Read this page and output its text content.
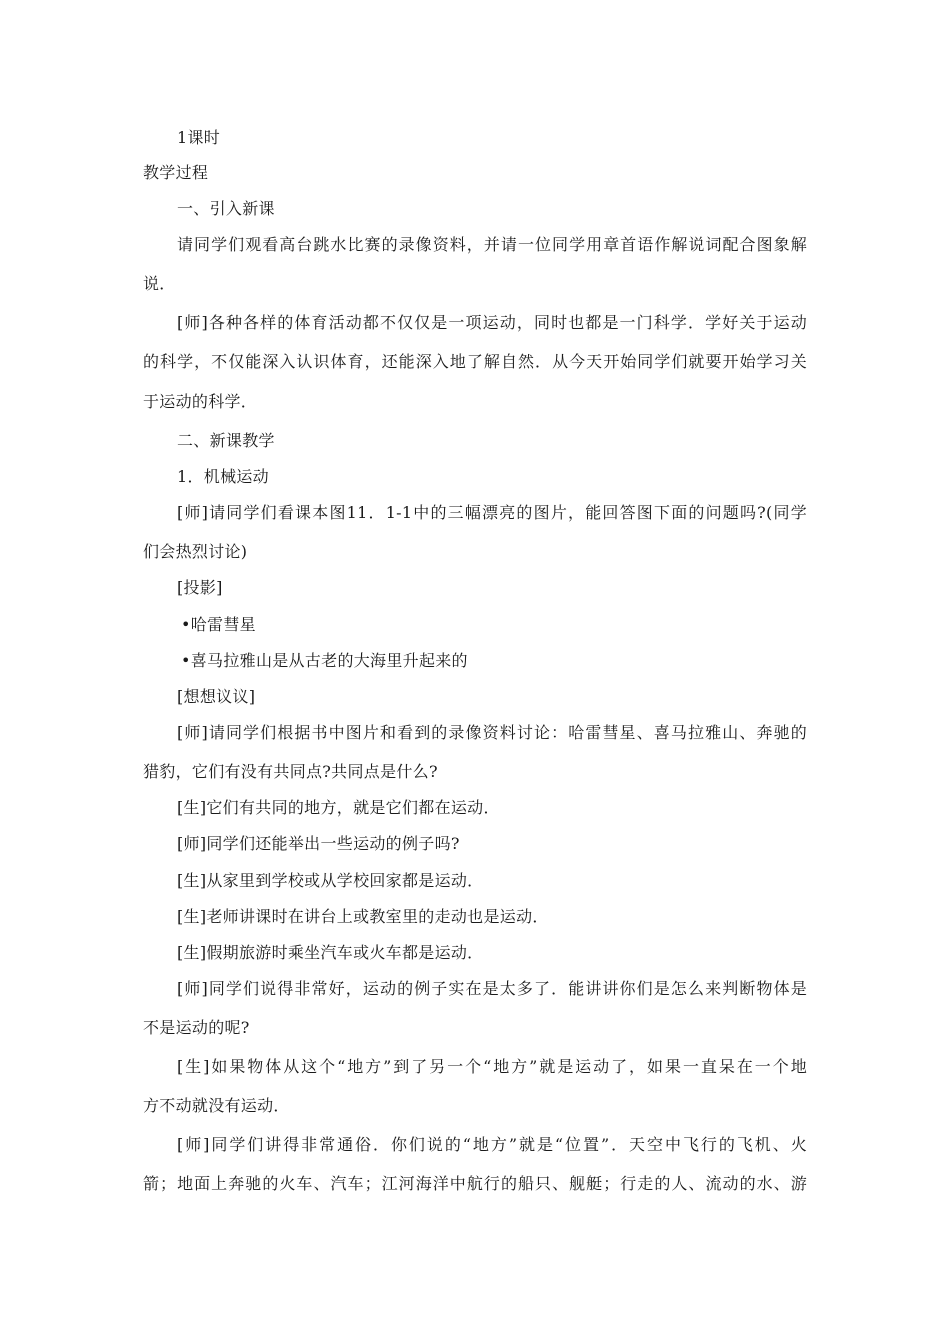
1课时
教学过程
一、引入新课
请同学们观看高台跳水比赛的录像资料，并请一位同学用章首语作解说词配合图象解
说．
[师]各种各样的体育活动都不仅仅是一项运动，同时也都是一门科学．学好关于运动
的科学，不仅能深入认识体育，还能深入地了解自然．从今天开始同学们就要开始学习关
于运动的科学．
二、新课教学
1．机械运动
[师]请同学们看课本图11．1-1中的三幅漂亮的图片，能回答图下面的问题吗?(同学
们会热烈讨论)
[投影]
•哈雷彗星
•喜马拉雅山是从古老的大海里升起来的
[想想议议]
[师]请同学们根据书中图片和看到的录像资料讨论：哈雷彗星、喜马拉雅山、奔驰的
猎豹，它们有没有共同点?共同点是什么?
[生]它们有共同的地方，就是它们都在运动．
[师]同学们还能举出一些运动的例子吗?
[生]从家里到学校或从学校回家都是运动．
[生]老师讲课时在讲台上或教室里的走动也是运动．
[生]假期旅游时乘坐汽车或火车都是运动．
[师]同学们说得非常好，运动的例子实在是太多了．能讲讲你们是怎么来判断物体是
不是运动的呢?
[生]如果物体从这个“地方”到了另一个“地方”就是运动了，如果一直呆在一个地
方不动就没有运动．
[师]同学们讲得非常通俗．你们说的“地方”就是“位置”．天空中飞行的飞机、火
箭；地面上奔驰的火车、汽车；江河海洋中航行的船只、舰艇；行走的人、流动的水、游
